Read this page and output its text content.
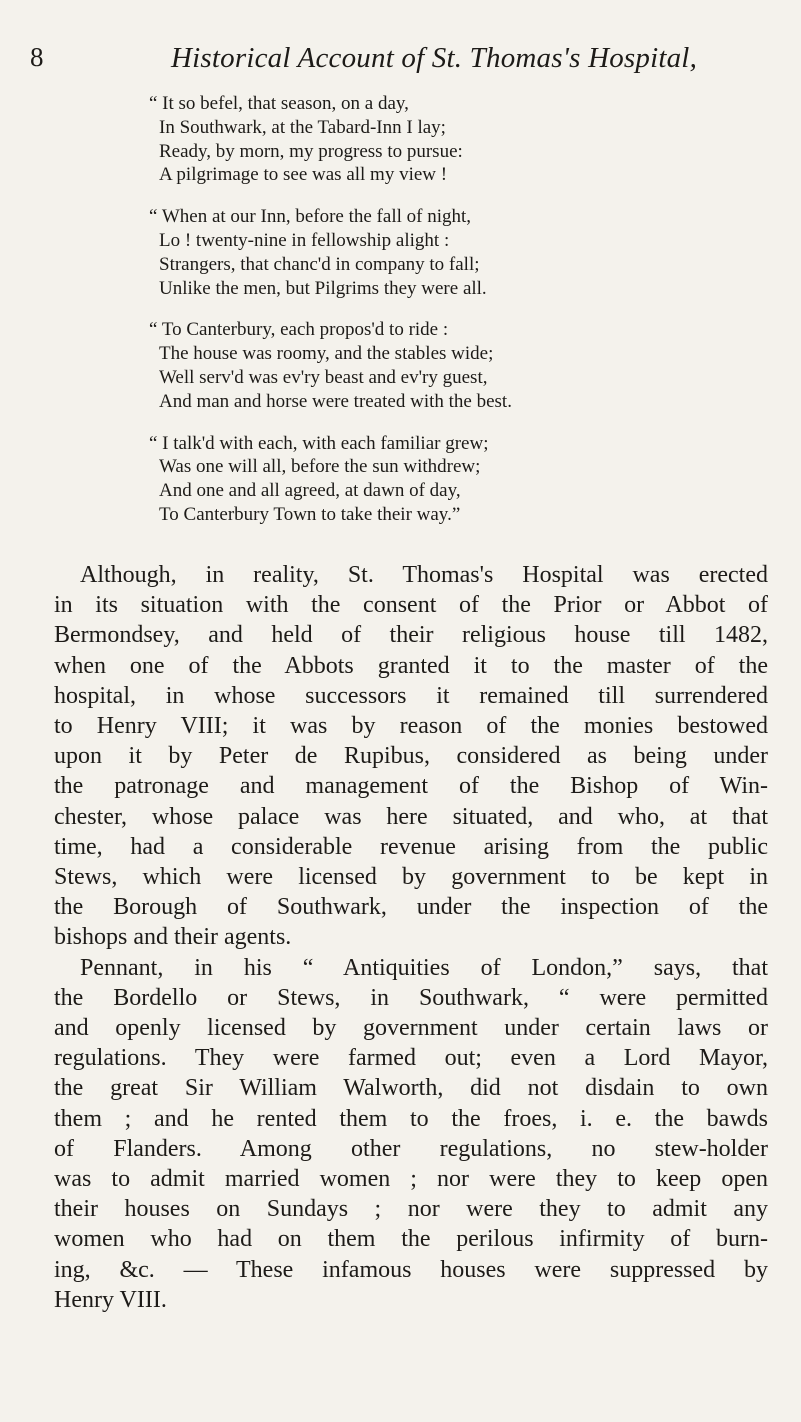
8	Historical Account of St. Thomas's Hospital,
“ It so befel, that season, on a day,
In Southwark, at the Tabard-Inn I lay;
Ready, by morn, my progress to pursue:
A pilgrimage to see was all my view !
“ When at our Inn, before the fall of night,
Lo ! twenty-nine in fellowship alight :
Strangers, that chanc'd in company to fall;
Unlike the men, but Pilgrims they were all.
“ To Canterbury, each propos'd to ride :
The house was roomy, and the stables wide;
Well serv'd was ev'ry beast and ev'ry guest,
And man and horse were treated with the best.
“ I talk'd with each, with each familiar grew;
Was one will all, before the sun withdrew;
And one and all agreed, at dawn of day,
To Canterbury Town to take their way.”
Although, in reality, St. Thomas's Hospital was erected
in its situation with the consent of the Prior or Abbot of
Bermondsey, and held of their religious house till 1482,
when one of the Abbots granted it to the master of the
hospital, in whose successors it remained till surrendered
to Henry VIII; it was by reason of the monies bestowed
upon it by Peter de Rupibus, considered as being under
the patronage and management of the Bishop of Win-
chester, whose palace was here situated, and who, at that
time, had a considerable revenue arising from the public
Stews, which were licensed by government to be kept in
the Borough of Southwark, under the inspection of the
bishops and their agents.
Pennant, in his “ Antiquities of London,” says, that
the Bordello or Stews, in Southwark, “ were permitted
and openly licensed by government under certain laws or
regulations. They were farmed out; even a Lord Mayor,
the great Sir William Walworth, did not disdain to own
them ; and he rented them to the froes, i. e. the bawds
of Flanders. Among other regulations, no stew-holder
was to admit married women ; nor were they to keep open
their houses on Sundays ; nor were they to admit any
women who had on them the perilous infirmity of burn-
ing, &c. — These infamous houses were suppressed by
Henry VIII.
